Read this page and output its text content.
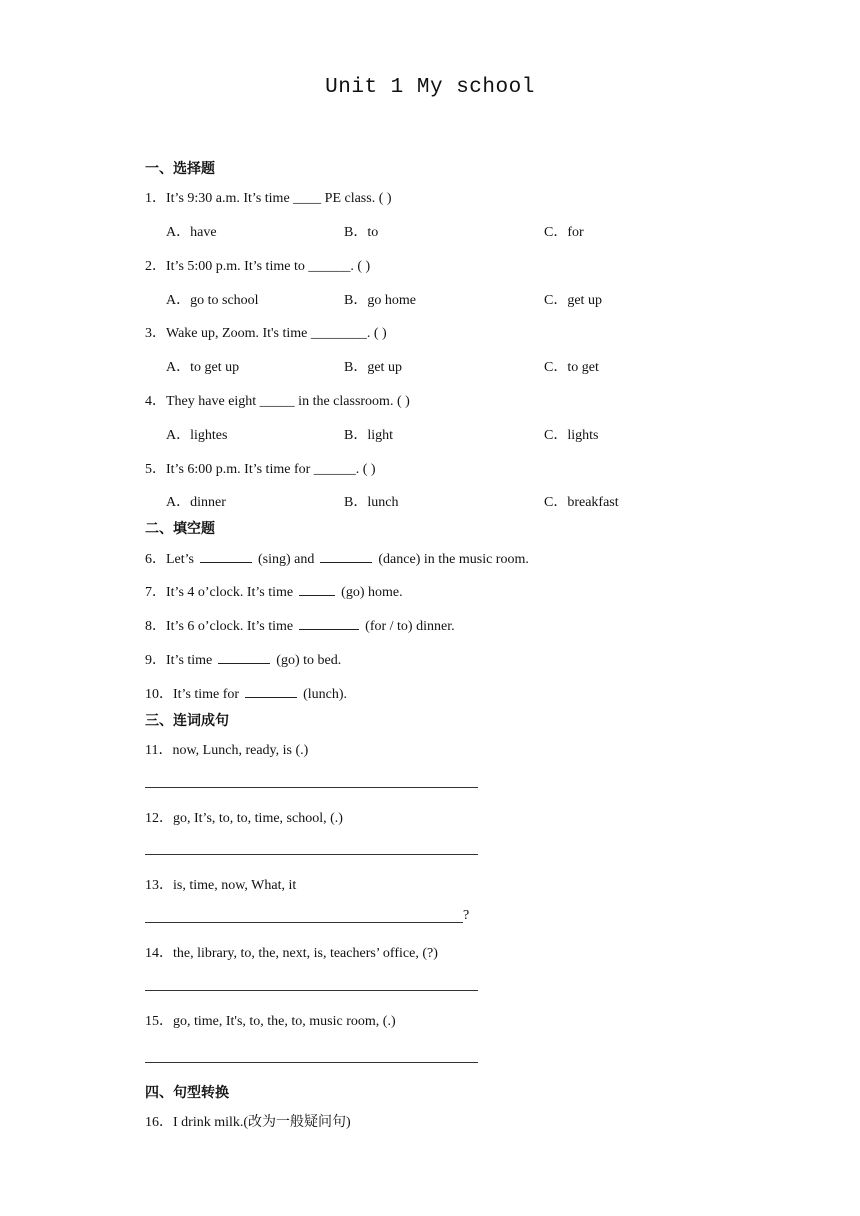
Unit 1 My school
一、选择题
1．It’s 9:30 a.m. It’s time ____ PE class. ( )
A．have	B．to	C．for
2．It’s 5:00 p.m. It’s time to ______. ( )
A．go to school	B．go home	C．get up
3．Wake up, Zoom. It's time ________. ( )
A．to get up	B．get up	C．to get
4．They have eight _____ in the classroom. ( )
A．lightes	B．light	C．lights
5．It’s 6:00 p.m. It’s time for ______. ( )
A．dinner	B．lunch	C．breakfast
二、填空题
6．Let’s	(sing) and	(dance) in the music room.
7．It’s 4 o’clock. It’s time	(go) home.
8．It’s 6 o’clock. It’s time	(for / to) dinner.
9．It’s time	(go) to bed.
10．It’s time for	(lunch).
三、连词成句
11．now, Lunch, ready, is (.)
12．go, It’s, to, to, time, school, (.)
13．is, time, now, What, it
?
14．the, library, to, the, next, is, teachers’ office, (?)
15．go, time, It's, to, the, to, music room, (.)
四、句型转换
16．I drink milk.(改为一般疑问句)
